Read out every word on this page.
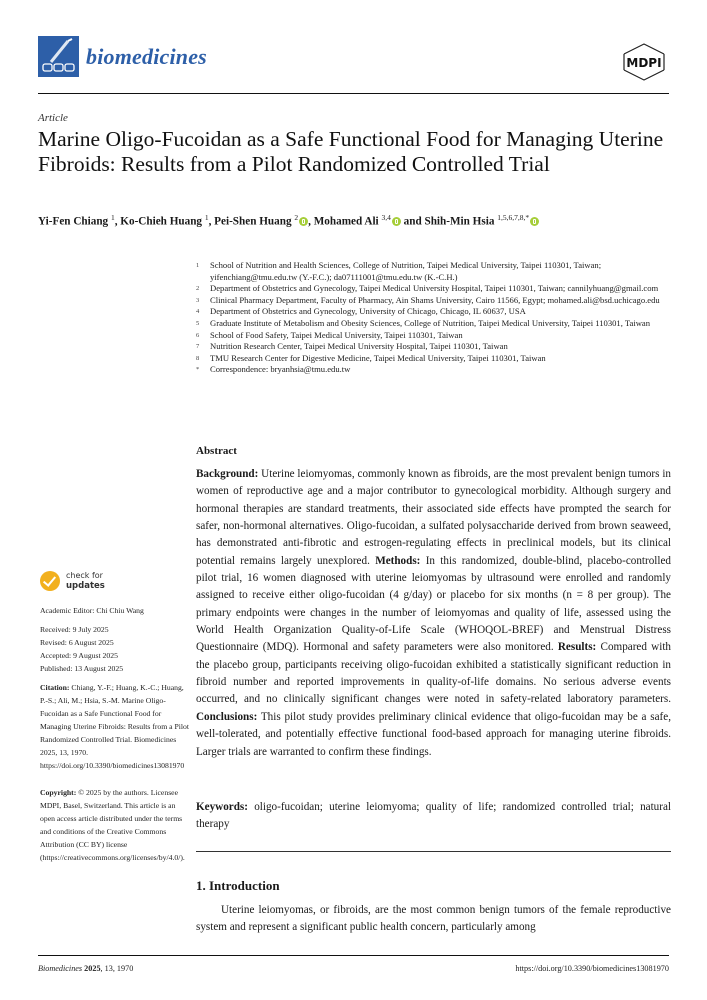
biomedicines	MDPI
Article
Marine Oligo-Fucoidan as a Safe Functional Food for Managing Uterine Fibroids: Results from a Pilot Randomized Controlled Trial
Yi-Fen Chiang $^1$, Ko-Chieh Huang $^1$, Pei-Shen Huang $^2$ , Mohamed Ali $^{3,4}$ and Shih-Min Hsia $^{1,5,6,7,8,*}$
1	School of Nutrition and Health Sciences, College of Nutrition, Taipei Medical University, Taipei 110301, Taiwan; yifenchiang@tmu.edu.tw (Y.-F.C.); da07111001@tmu.edu.tw (K.-C.H.)
2	Department of Obstetrics and Gynecology, Taipei Medical University Hospital, Taipei 110301, Taiwan; cannilyhuang@gmail.com
3	Clinical Pharmacy Department, Faculty of Pharmacy, Ain Shams University, Cairo 11566, Egypt; mohamed.ali@bsd.uchicago.edu
4	Department of Obstetrics and Gynecology, University of Chicago, Chicago, IL 60637, USA
5	Graduate Institute of Metabolism and Obesity Sciences, College of Nutrition, Taipei Medical University, Taipei 110301, Taiwan
6	School of Food Safety, Taipei Medical University, Taipei 110301, Taiwan
7	Nutrition Research Center, Taipei Medical University Hospital, Taipei 110301, Taiwan
8	TMU Research Center for Digestive Medicine, Taipei Medical University, Taipei 110301, Taiwan
*	Correspondence: bryanhsia@tmu.edu.tw
Abstract
Background: Uterine leiomyomas, commonly known as fibroids, are the most prevalent benign tumors in women of reproductive age and a major contributor to gynecological morbidity. Although surgery and hormonal therapies are standard treatments, their associated side effects have prompted the search for safer, non-hormonal alternatives. Oligo-fucoidan, a sulfated polysaccharide derived from brown seaweed, has demonstrated anti-fibrotic and estrogen-regulating effects in preclinical models, but its clinical potential remains largely unexplored. Methods: In this randomized, double-blind, placebo-controlled pilot trial, 16 women diagnosed with uterine leiomyomas by ultrasound were enrolled and randomly assigned to receive either oligo-fucoidan (4 g/day) or placebo for six months (n = 8 per group). The primary endpoints were changes in the number of leiomyomas and quality of life, assessed using the World Health Organization Quality-of-Life Scale (WHOQOL-BREF) and Menstrual Distress Questionnaire (MDQ). Hormonal and safety parameters were also monitored. Results: Compared with the placebo group, participants receiving oligo-fucoidan exhibited a statistically significant reduction in fibroid number and reported improvements in quality-of-life domains. No serious adverse events occurred, and no clinically significant changes were noted in safety-related laboratory parameters. Conclusions: This pilot study provides preliminary clinical evidence that oligo-fucoidan may be a safe, well-tolerated, and potentially effective functional food-based approach for managing uterine fibroids. Larger trials are warranted to confirm these findings.
Keywords: oligo-fucoidan; uterine leiomyoma; quality of life; randomized controlled trial; natural therapy
1. Introduction
Uterine leiomyomas, or fibroids, are the most common benign tumors of the female reproductive system and represent a significant public health concern, particularly among
check for
updates
Academic Editor: Chi Chiu Wang
Received: 9 July 2025
Revised: 6 August 2025
Accepted: 9 August 2025
Published: 13 August 2025
Citation: Chiang, Y.-F.; Huang, K.-C.; Huang, P.-S.; Ali, M.; Hsia, S.-M. Marine Oligo-Fucoidan as a Safe Functional Food for Managing Uterine Fibroids: Results from a Pilot Randomized Controlled Trial. Biomedicines 2025, 13, 1970. https://doi.org/10.3390/biomedicines13081970
Copyright: © 2025 by the authors. Licensee MDPI, Basel, Switzerland. This article is an open access article distributed under the terms and conditions of the Creative Commons Attribution (CC BY) license (https://creativecommons.org/licenses/by/4.0/).
Biomedicines 2025, 13, 1970	https://doi.org/10.3390/biomedicines13081970
